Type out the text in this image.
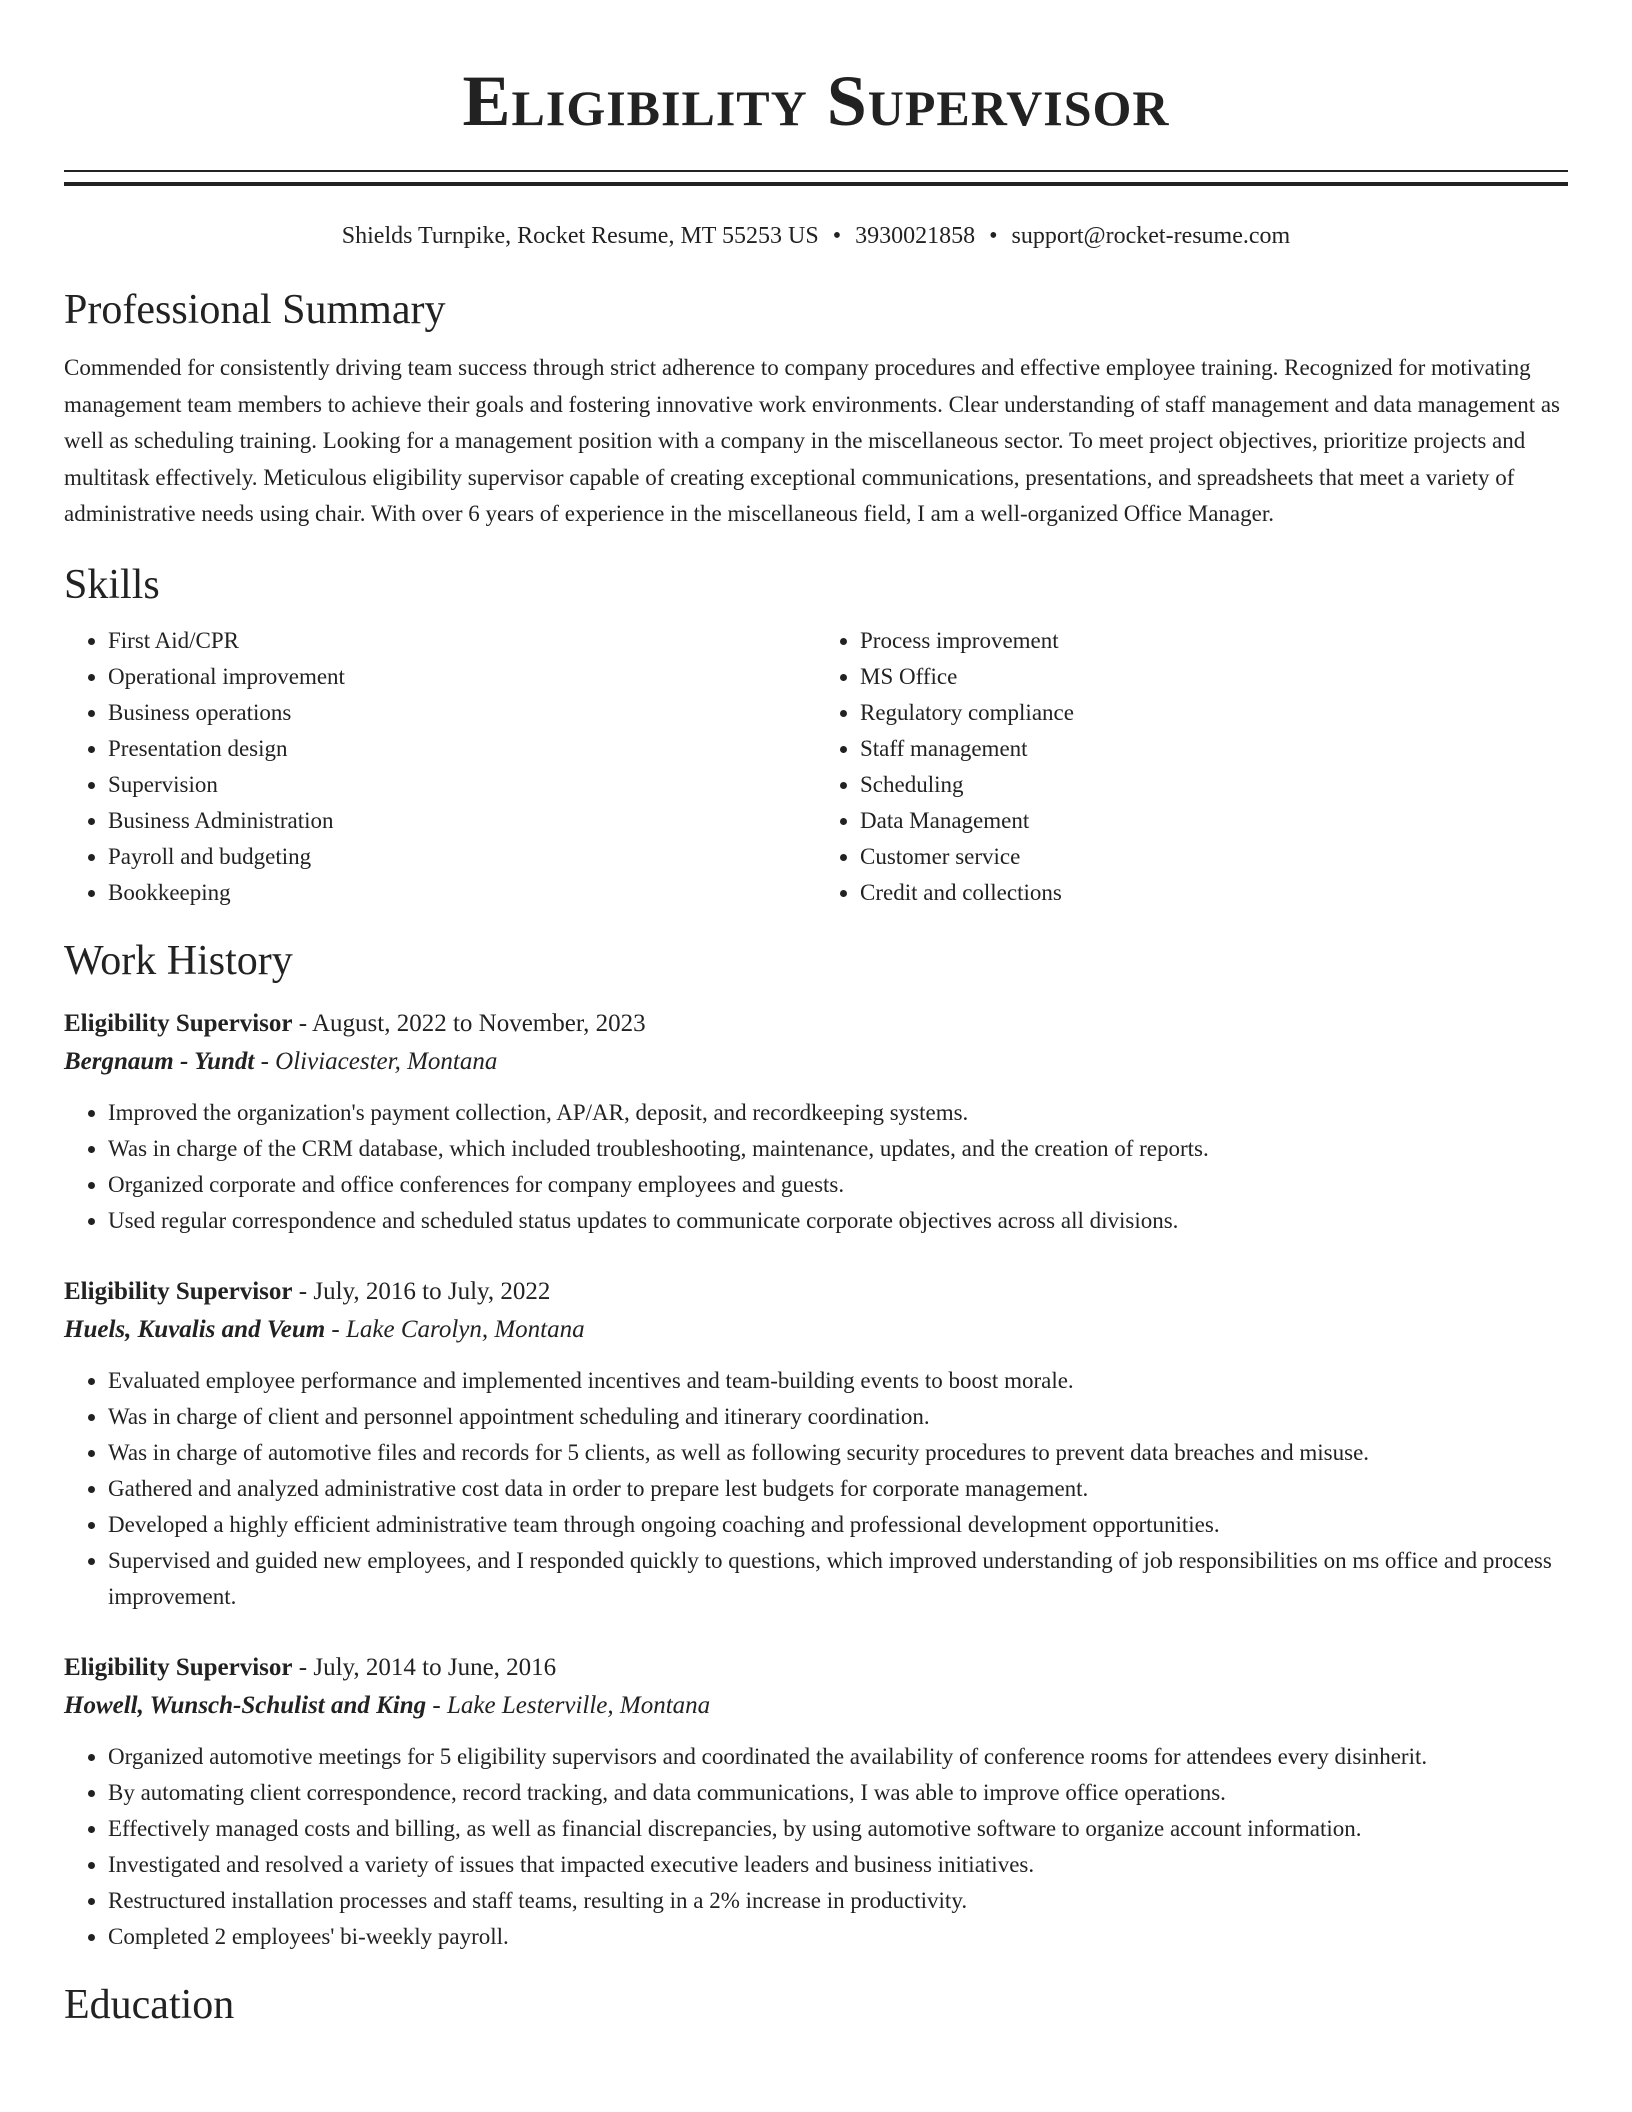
Eligibility Supervisor
Shields Turnpike, Rocket Resume, MT 55253 US • 3930021858 • support@rocket-resume.com
Professional Summary
Commended for consistently driving team success through strict adherence to company procedures and effective employee training. Recognized for motivating management team members to achieve their goals and fostering innovative work environments. Clear understanding of staff management and data management as well as scheduling training. Looking for a management position with a company in the miscellaneous sector. To meet project objectives, prioritize projects and multitask effectively. Meticulous eligibility supervisor capable of creating exceptional communications, presentations, and spreadsheets that meet a variety of administrative needs using chair. With over 6 years of experience in the miscellaneous field, I am a well-organized Office Manager.
Skills
• First Aid/CPR
• Operational improvement
• Business operations
• Presentation design
• Supervision
• Business Administration
• Payroll and budgeting
• Bookkeeping
• Process improvement
• MS Office
• Regulatory compliance
• Staff management
• Scheduling
• Data Management
• Customer service
• Credit and collections
Work History
Eligibility Supervisor - August, 2022 to November, 2023
Bergnaum - Yundt - Oliviacester, Montana
• Improved the organization's payment collection, AP/AR, deposit, and recordkeeping systems.
• Was in charge of the CRM database, which included troubleshooting, maintenance, updates, and the creation of reports.
• Organized corporate and office conferences for company employees and guests.
• Used regular correspondence and scheduled status updates to communicate corporate objectives across all divisions.
Eligibility Supervisor - July, 2016 to July, 2022
Huels, Kuvalis and Veum - Lake Carolyn, Montana
• Evaluated employee performance and implemented incentives and team-building events to boost morale.
• Was in charge of client and personnel appointment scheduling and itinerary coordination.
• Was in charge of automotive files and records for 5 clients, as well as following security procedures to prevent data breaches and misuse.
• Gathered and analyzed administrative cost data in order to prepare lest budgets for corporate management.
• Developed a highly efficient administrative team through ongoing coaching and professional development opportunities.
• Supervised and guided new employees, and I responded quickly to questions, which improved understanding of job responsibilities on ms office and process improvement.
Eligibility Supervisor - July, 2014 to June, 2016
Howell, Wunsch-Schulist and King - Lake Lesterville, Montana
• Organized automotive meetings for 5 eligibility supervisors and coordinated the availability of conference rooms for attendees every disinherit.
• By automating client correspondence, record tracking, and data communications, I was able to improve office operations.
• Effectively managed costs and billing, as well as financial discrepancies, by using automotive software to organize account information.
• Investigated and resolved a variety of issues that impacted executive leaders and business initiatives.
• Restructured installation processes and staff teams, resulting in a 2% increase in productivity.
• Completed 2 employees' bi-weekly payroll.
Education
